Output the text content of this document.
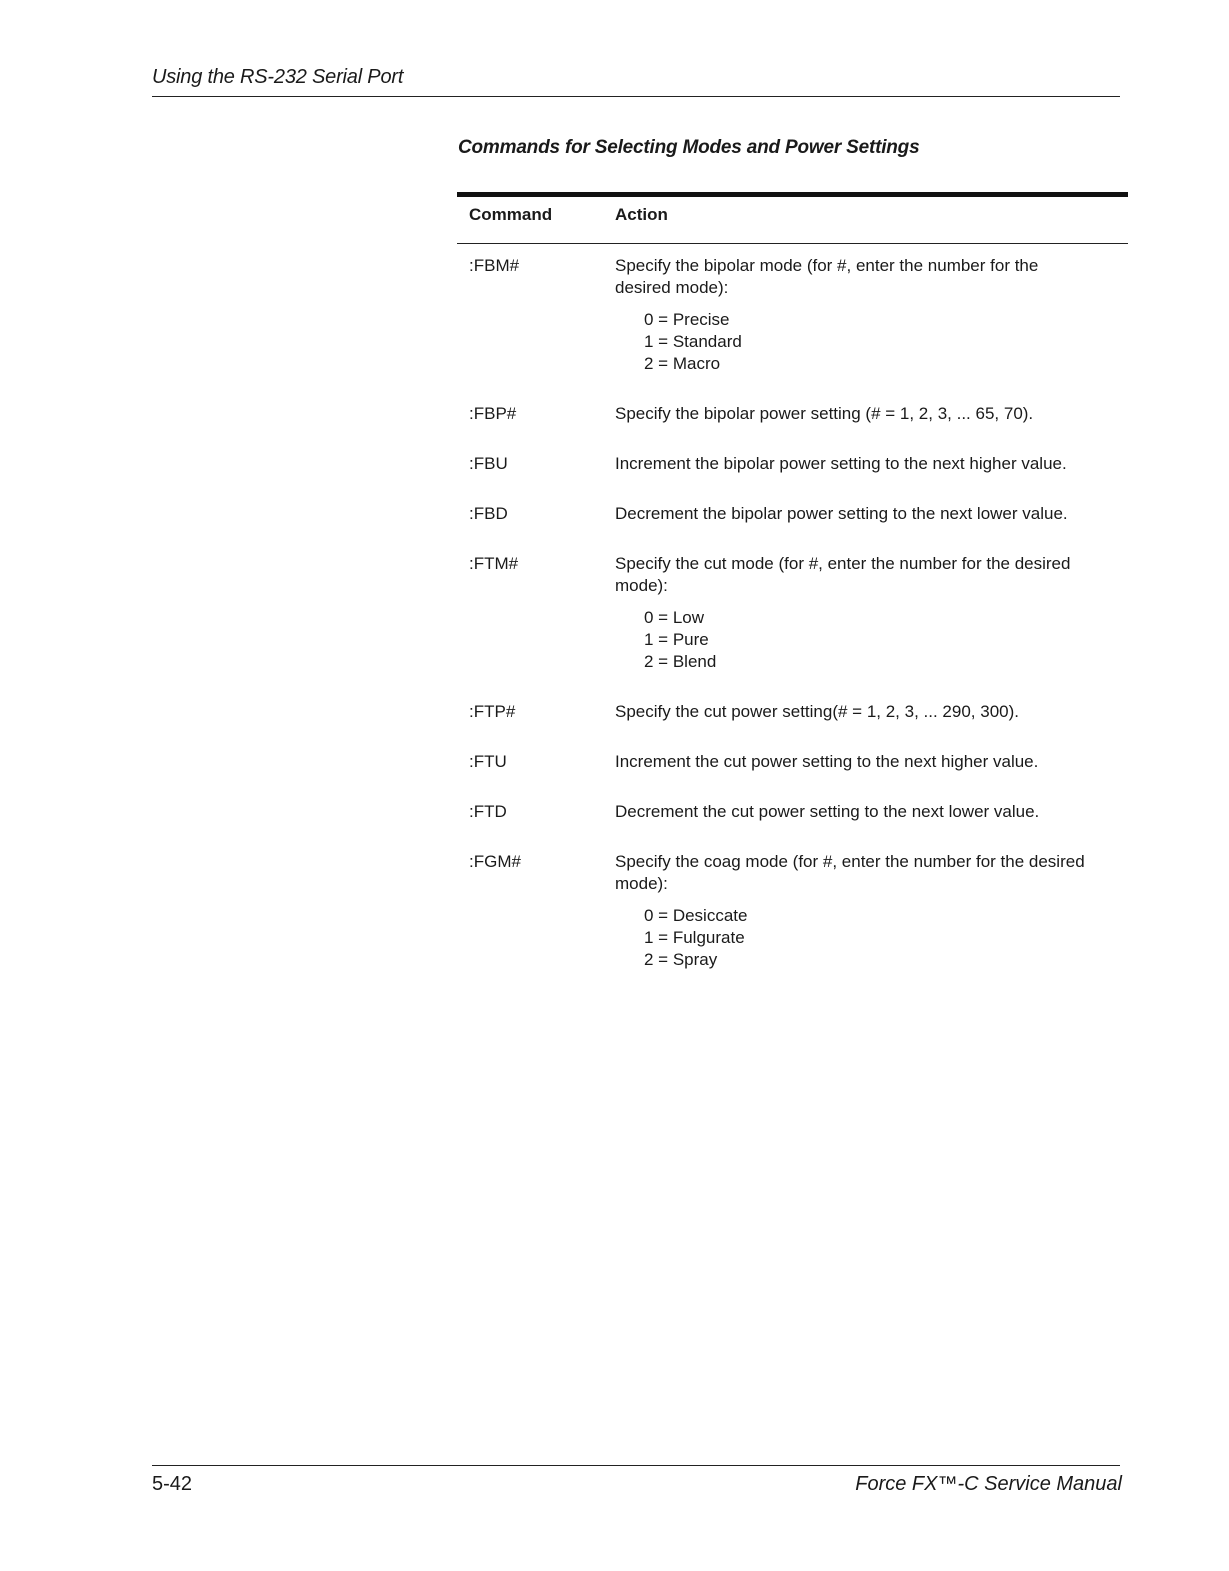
Using the RS-232 Serial Port
Commands for Selecting Modes and Power Settings
Command	Action
:FBM#	Specify the bipolar mode (for #, enter the number for the desired mode):
0 = Precise
1 = Standard
2 = Macro
:FBP#	Specify the bipolar power setting (# = 1, 2, 3, ... 65, 70).
:FBU	Increment the bipolar power setting to the next higher value.
:FBD	Decrement the bipolar power setting to the next lower value.
:FTM#	Specify the cut mode (for #, enter the number for the desired mode):
0 = Low
1 = Pure
2 = Blend
:FTP#	Specify the cut power setting(# = 1, 2, 3, ... 290, 300).
:FTU	Increment the cut power setting to the next higher value.
:FTD	Decrement the cut power setting to the next lower value.
:FGM#	Specify the coag mode (for #, enter the number for the desired mode):
0 = Desiccate
1 = Fulgurate
2 = Spray
5-42	Force FX™-C Service Manual
